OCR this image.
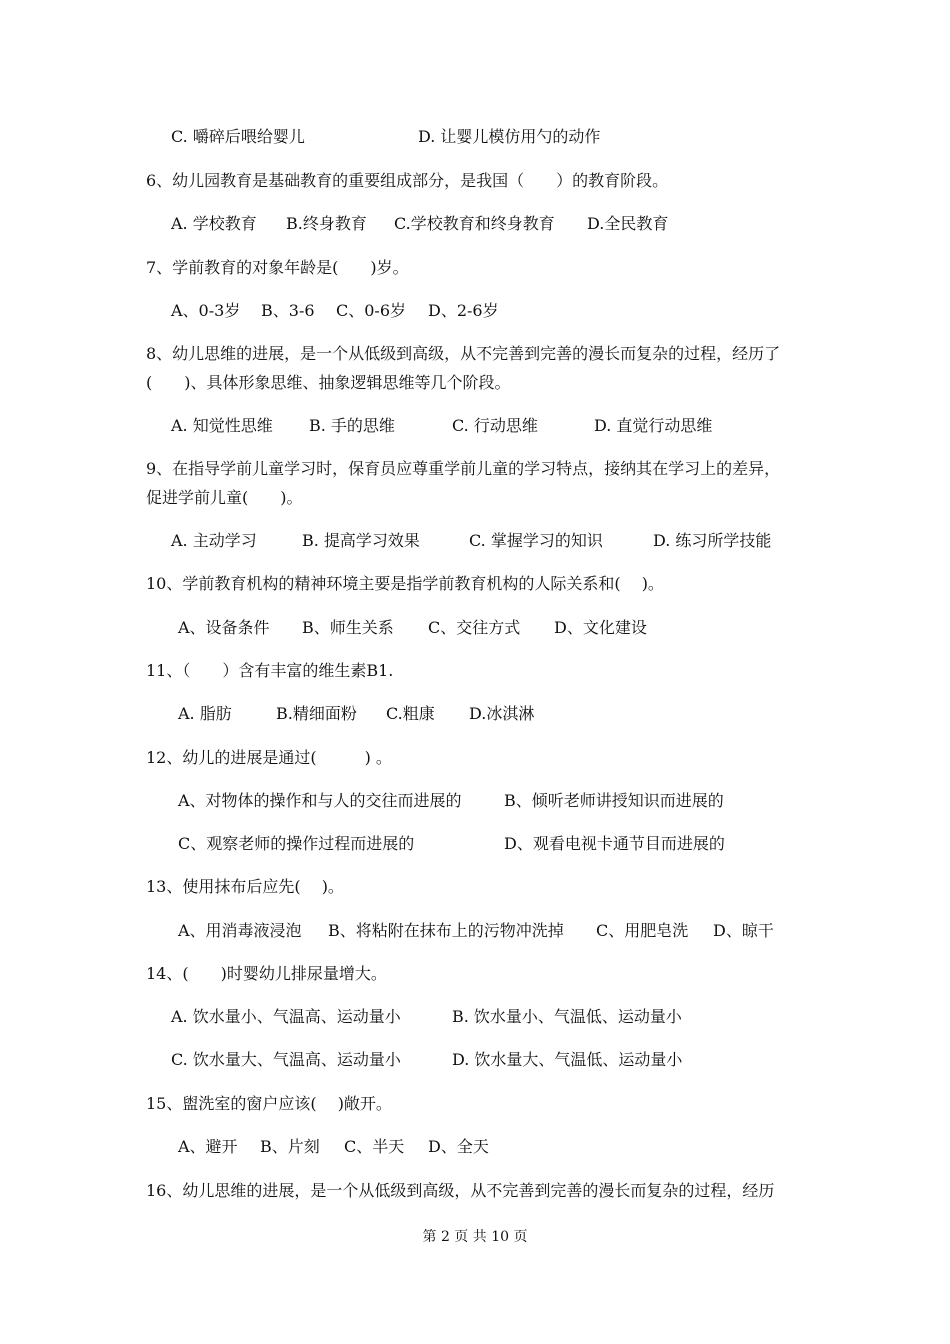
C. 嚼碎后喂给婴儿	D. 让婴儿模仿用勺的动作
6、幼儿园教育是基础教育的重要组成部分，是我国（　　）的教育阶段。
A. 学校教育 B.终身教育 C.学校教育和终身教育 D.全民教育
7、学前教育的对象年龄是(　　)岁。
A、0-3岁 B、3-6 C、0-6岁 D、2-6岁
8、幼儿思维的进展，是一个从低级到高级，从不完善到完善的漫长而复杂的过程，经历了
(　　)、具体形象思维、抽象逻辑思维等几个阶段。
A. 知觉性思维 B. 手的思维	C. 行动思维	D. 直觉行动思维
9、在指导学前儿童学习时，保育员应尊重学前儿童的学习特点，接纳其在学习上的差异，
促进学前儿童(　　)。
A. 主动学习	B. 提高学习效果	C. 掌握学习的知识	D. 练习所学技能
10、学前教育机构的精神环境主要是指学前教育机构的人际关系和(　 )。
A、设备条件 B、师生关系 C、交往方式 D、文化建设
11、（　　）含有丰富的维生素B1.
A. 脂肪	B.精细面粉 C.粗康 D.冰淇淋
12、幼儿的进展是通过(　　　) 。
A、对物体的操作和与人的交往而进展的	B、倾听老师讲授知识而进展的
C、观察老师的操作过程而进展的	D、观看电视卡通节目而进展的
13、使用抹布后应先(　 )。
A、用消毒液浸泡 B、将粘附在抹布上的污物冲洗掉 C、用肥皂洗 D、晾干
14、(　　)时婴幼儿排尿量增大。
A. 饮水量小、气温高、运动量小	B. 饮水量小、气温低、运动量小
C. 饮水量大、气温高、运动量小	D. 饮水量大、气温低、运动量小
15、盥洗室的窗户应该(　 )敞开。
A、避开 B、片刻 C、半天 D、全天
16、幼儿思维的进展，是一个从低级到高级，从不完善到完善的漫长而复杂的过程，经历
第 2 页 共 10 页
